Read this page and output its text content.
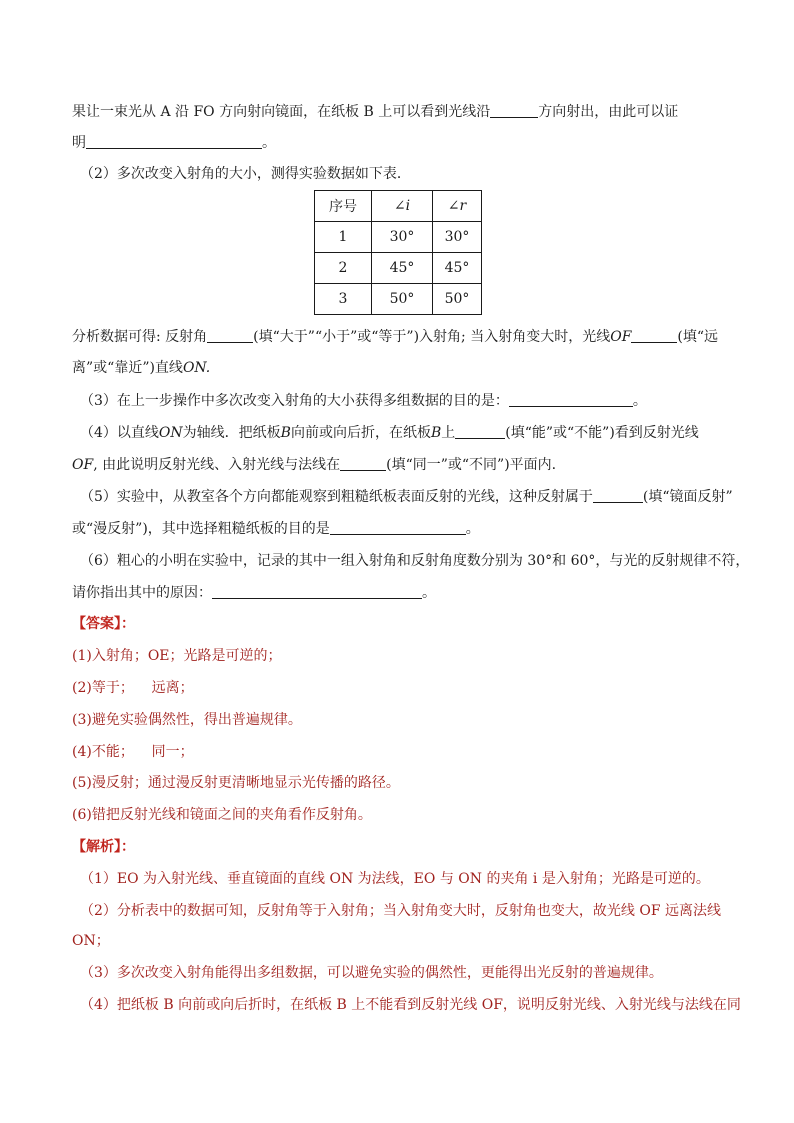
果让一束光从 A 沿 FO 方向射向镜面，在纸板 B 上可以看到光线沿	方向射出，由此可以证
明	。
（2）多次改变入射角的大小，测得实验数据如下表．
序号	∠i	∠r
1	30°	30°
2	45°	45°
3	50°	50°
分析数据可得: 反射角	(填“大于”“小于”或“等于”)入射角; 当入射角变大时，光线OF	(填“远
离”或“靠近”)直线ON.
（3）在上一步操作中多次改变入射角的大小获得多组数据的目的是：	。
（4）以直线ON为轴线．把纸板B向前或向后折，在纸板B上	(填“能”或“不能”)看到反射光线
OF, 由此说明反射光线、入射光线与法线在	(填“同一”或“不同”)平面内.
（5）实验中，从教室各个方向都能观察到粗糙纸板表面反射的光线，这种反射属于	(填“镜面反射”
或“漫反射”)，其中选择粗糙纸板的目的是	。
（6）粗心的小明在实验中，记录的其中一组入射角和反射角度数分别为 30°和 60°，与光的反射规律不符，
请你指出其中的原因：	。
【答案】：
(1)入射角；OE；光路是可逆的；
(2)等于；    远离；
(3)避免实验偶然性，得出普遍规律。
(4)不能；    同一；
(5)漫反射；通过漫反射更清晰地显示光传播的路径。
(6)错把反射光线和镜面之间的夹角看作反射角。
【解析】：
（1）EO 为入射光线、垂直镜面的直线 ON 为法线，EO 与 ON 的夹角 i 是入射角；光路是可逆的。
（2）分析表中的数据可知，反射角等于入射角；当入射角变大时，反射角也变大，故光线 OF 远离法线
ON；
（3）多次改变入射角能得出多组数据，可以避免实验的偶然性，更能得出光反射的普遍规律。
（4）把纸板 B 向前或向后折时，在纸板 B 上不能看到反射光线 OF，说明反射光线、入射光线与法线在同
